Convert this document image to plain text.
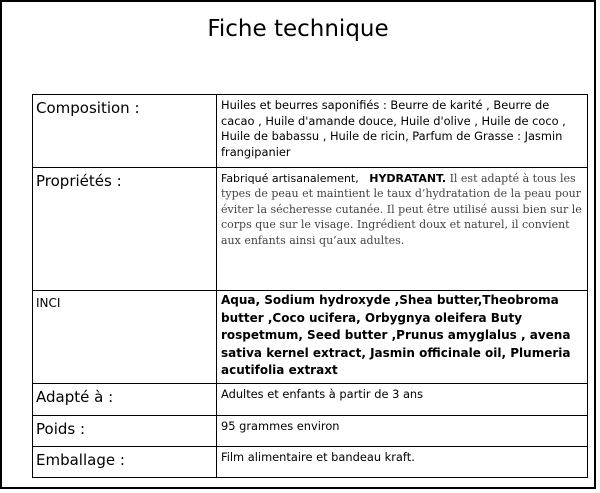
Fiche technique
Composition :	Huiles et beurres saponifiés : Beurre de karité , Beurre de cacao , Huile d'amande douce, Huile d'olive , Huile de coco , Huile de babassu , Huile de ricin, Parfum de Grasse : Jasmin frangipanier

Propriétés :	Fabriqué artisanalement, HYDRATANT. Il est adapté à tous les types de peau et maintient le taux d’hydratation de la peau pour éviter la sécheresse cutanée. Il peut être utilisé aussi bien sur le corps que sur le visage. Ingrédient doux et naturel, il convient aux enfants ainsi qu’aux adultes.

INCI	Aqua, Sodium hydroxyde ,Shea butter,Theobroma butter ,Coco ucifera, Orbygnya oleifera Buty rospetmum, Seed butter ,Prunus amyglalus , avena sativa kernel extract, Jasmin officinale oil, Plumeria acutifolia extraxt

Adapté à :	Adultes et enfants à partir de 3 ans

Poids :	95 grammes environ

Emballage :	Film alimentaire et bandeau kraft.
